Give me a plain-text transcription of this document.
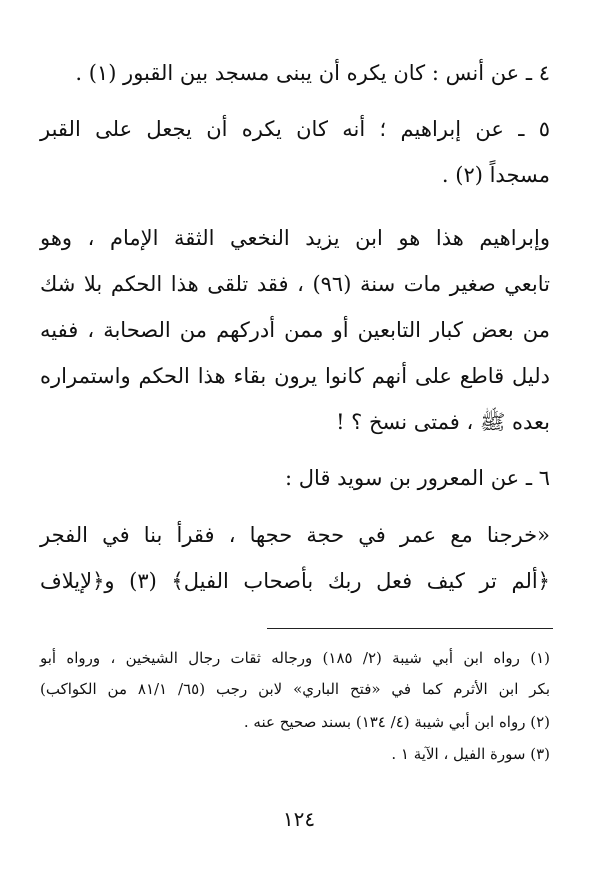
٤ ـ عن أنس : كان يكره أن يبنى مسجد بين القبور (١) .
٥ ـ عن إبراهيم ؛ أنه كان يكره أن يجعل على القبر
مسجداً (٢) .
وإبراهيم هذا هو ابن يزيد النخعي الثقة الإمام ، وهو
تابعي صغير مات سنة (٩٦) ، فقد تلقى هذا الحكم بلا شك
من بعض كبار التابعين أو ممن أدركهم من الصحابة ، ففيه
دليل قاطع على أنهم كانوا يرون بقاء هذا الحكم واستمراره
بعده ﷺ ، فمتى نسخ ؟ !
٦ ـ عن المعرور بن سويد قال :
«خرجنا مع عمر في حجة حجها ، فقرأ بنا في الفجر
﴿ألم تر كيف فعل ربك بأصحاب الفيل﴾ (٣) و﴿لإيلاف
(١) رواه ابن أبي شيبة (٢/ ١٨٥) ورجاله ثقات رجال الشيخين ، ورواه أبو
بكر ابن الأثرم كما في «فتح الباري» لابن رجب (٦٥/ ٨١/١ من الكواكب)
(٢) رواه ابن أبي شيبة (٤/ ١٣٤) بسند صحيح عنه .
(٣) سورة الفيل ، الآية ١ .
١٢٤
